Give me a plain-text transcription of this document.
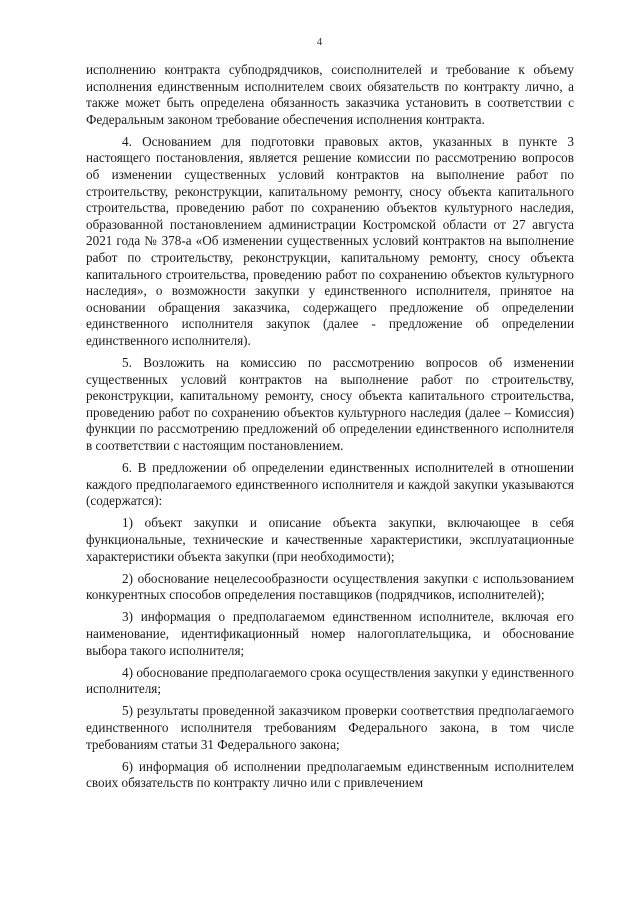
4

исполнению контракта субподрядчиков, соисполнителей и требование к объему исполнения единственным исполнителем своих обязательств по контракту лично, а также может быть определена обязанность заказчика установить в соответствии с Федеральным законом требование обеспечения исполнения контракта.

4. Основанием для подготовки правовых актов, указанных в пункте 3 настоящего постановления, является решение комиссии по рассмотрению вопросов об изменении существенных условий контрактов на выполнение работ по строительству, реконструкции, капитальному ремонту, сносу объекта капитального строительства, проведению работ по сохранению объектов культурного наследия, образованной постановлением администрации Костромской области от 27 августа 2021 года № 378-а «Об изменении существенных условий контрактов на выполнение работ по строительству, реконструкции, капитальному ремонту, сносу объекта капитального строительства, проведению работ по сохранению объектов культурного наследия», о возможности закупки у единственного исполнителя, принятое на основании обращения заказчика, содержащего предложение об определении единственного исполнителя закупок (далее - предложение об определении единственного исполнителя).

5. Возложить на комиссию по рассмотрению вопросов об изменении существенных условий контрактов на выполнение работ по строительству, реконструкции, капитальному ремонту, сносу объекта капитального строительства, проведению работ по сохранению объектов культурного наследия (далее – Комиссия) функции по рассмотрению предложений об определении единственного исполнителя в соответствии с настоящим постановлением.

6. В предложении об определении единственных исполнителей в отношении каждого предполагаемого единственного исполнителя и каждой закупки указываются (содержатся):

1) объект закупки и описание объекта закупки, включающее в себя функциональные, технические и качественные характеристики, эксплуатационные характеристики объекта закупки (при необходимости);

2) обоснование нецелесообразности осуществления закупки с использованием конкурентных способов определения поставщиков (подрядчиков, исполнителей);

3) информация о предполагаемом единственном исполнителе, включая его наименование, идентификационный номер налогоплательщика, и обоснование выбора такого исполнителя;

4) обоснование предполагаемого срока осуществления закупки у единственного исполнителя;

5) результаты проведенной заказчиком проверки соответствия предполагаемого единственного исполнителя требованиям Федерального закона, в том числе требованиям статьи 31 Федерального закона;

6) информация об исполнении предполагаемым единственным исполнителем своих обязательств по контракту лично или с привлечением
